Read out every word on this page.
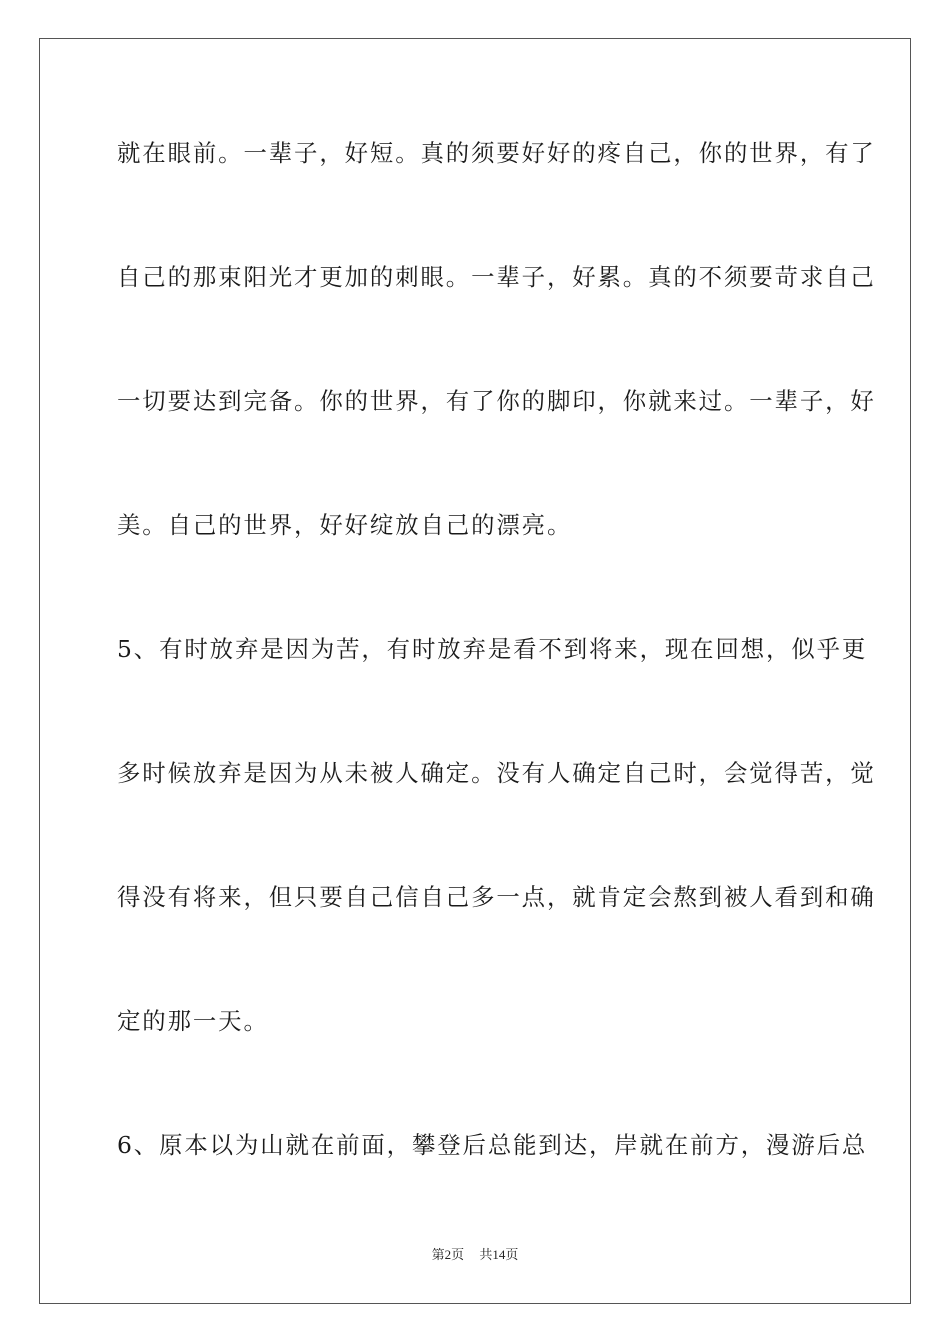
就在眼前。一辈子，好短。真的须要好好的疼自己，你的世界，有了
自己的那束阳光才更加的刺眼。一辈子，好累。真的不须要苛求自己
一切要达到完备。你的世界，有了你的脚印，你就来过。一辈子，好
美。自己的世界，好好绽放自己的漂亮。
5、有时放弃是因为苦，有时放弃是看不到将来，现在回想，似乎更
多时候放弃是因为从未被人确定。没有人确定自己时，会觉得苦，觉
得没有将来，但只要自己信自己多一点，就肯定会熬到被人看到和确
定的那一天。
6、原本以为山就在前面，攀登后总能到达，岸就在前方，漫游后总
第2页 共14页
